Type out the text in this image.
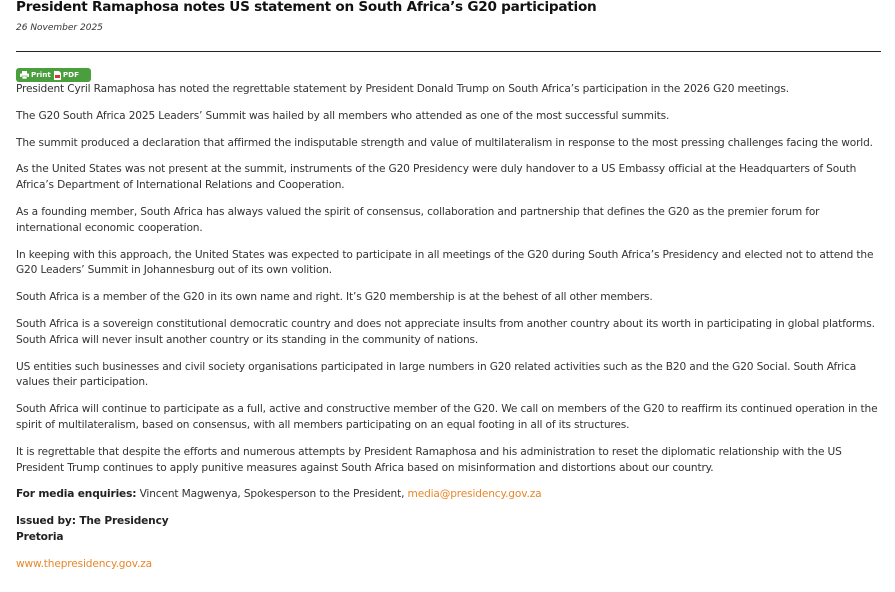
President Ramaphosa notes US statement on South Africa’s G20 participation
26 November 2025
Print PDF

President Cyril Ramaphosa has noted the regrettable statement by President Donald Trump on South Africa’s participation in the 2026 G20 meetings.

The G20 South Africa 2025 Leaders’ Summit was hailed by all members who attended as one of the most successful summits.

The summit produced a declaration that affirmed the indisputable strength and value of multilateralism in response to the most pressing challenges facing the world.

As the United States was not present at the summit, instruments of the G20 Presidency were duly handover to a US Embassy official at the Headquarters of South Africa’s Department of International Relations and Cooperation.

As a founding member, South Africa has always valued the spirit of consensus, collaboration and partnership that defines the G20 as the premier forum for international economic cooperation.

In keeping with this approach, the United States was expected to participate in all meetings of the G20 during South Africa’s Presidency and elected not to attend the G20 Leaders’ Summit in Johannesburg out of its own volition.

South Africa is a member of the G20 in its own name and right. It’s G20 membership is at the behest of all other members.

South Africa is a sovereign constitutional democratic country and does not appreciate insults from another country about its worth in participating in global platforms. South Africa will never insult another country or its standing in the community of nations.

US entities such businesses and civil society organisations participated in large numbers in G20 related activities such as the B20 and the G20 Social. South Africa values their participation.

South Africa will continue to participate as a full, active and constructive member of the G20. We call on members of the G20 to reaffirm its continued operation in the spirit of multilateralism, based on consensus, with all members participating on an equal footing in all of its structures.

It is regrettable that despite the efforts and numerous attempts by President Ramaphosa and his administration to reset the diplomatic relationship with the US President Trump continues to apply punitive measures against South Africa based on misinformation and distortions about our country.

For media enquiries: Vincent Magwenya, Spokesperson to the President, media@presidency.gov.za

Issued by: The Presidency
Pretoria

www.thepresidency.gov.za
